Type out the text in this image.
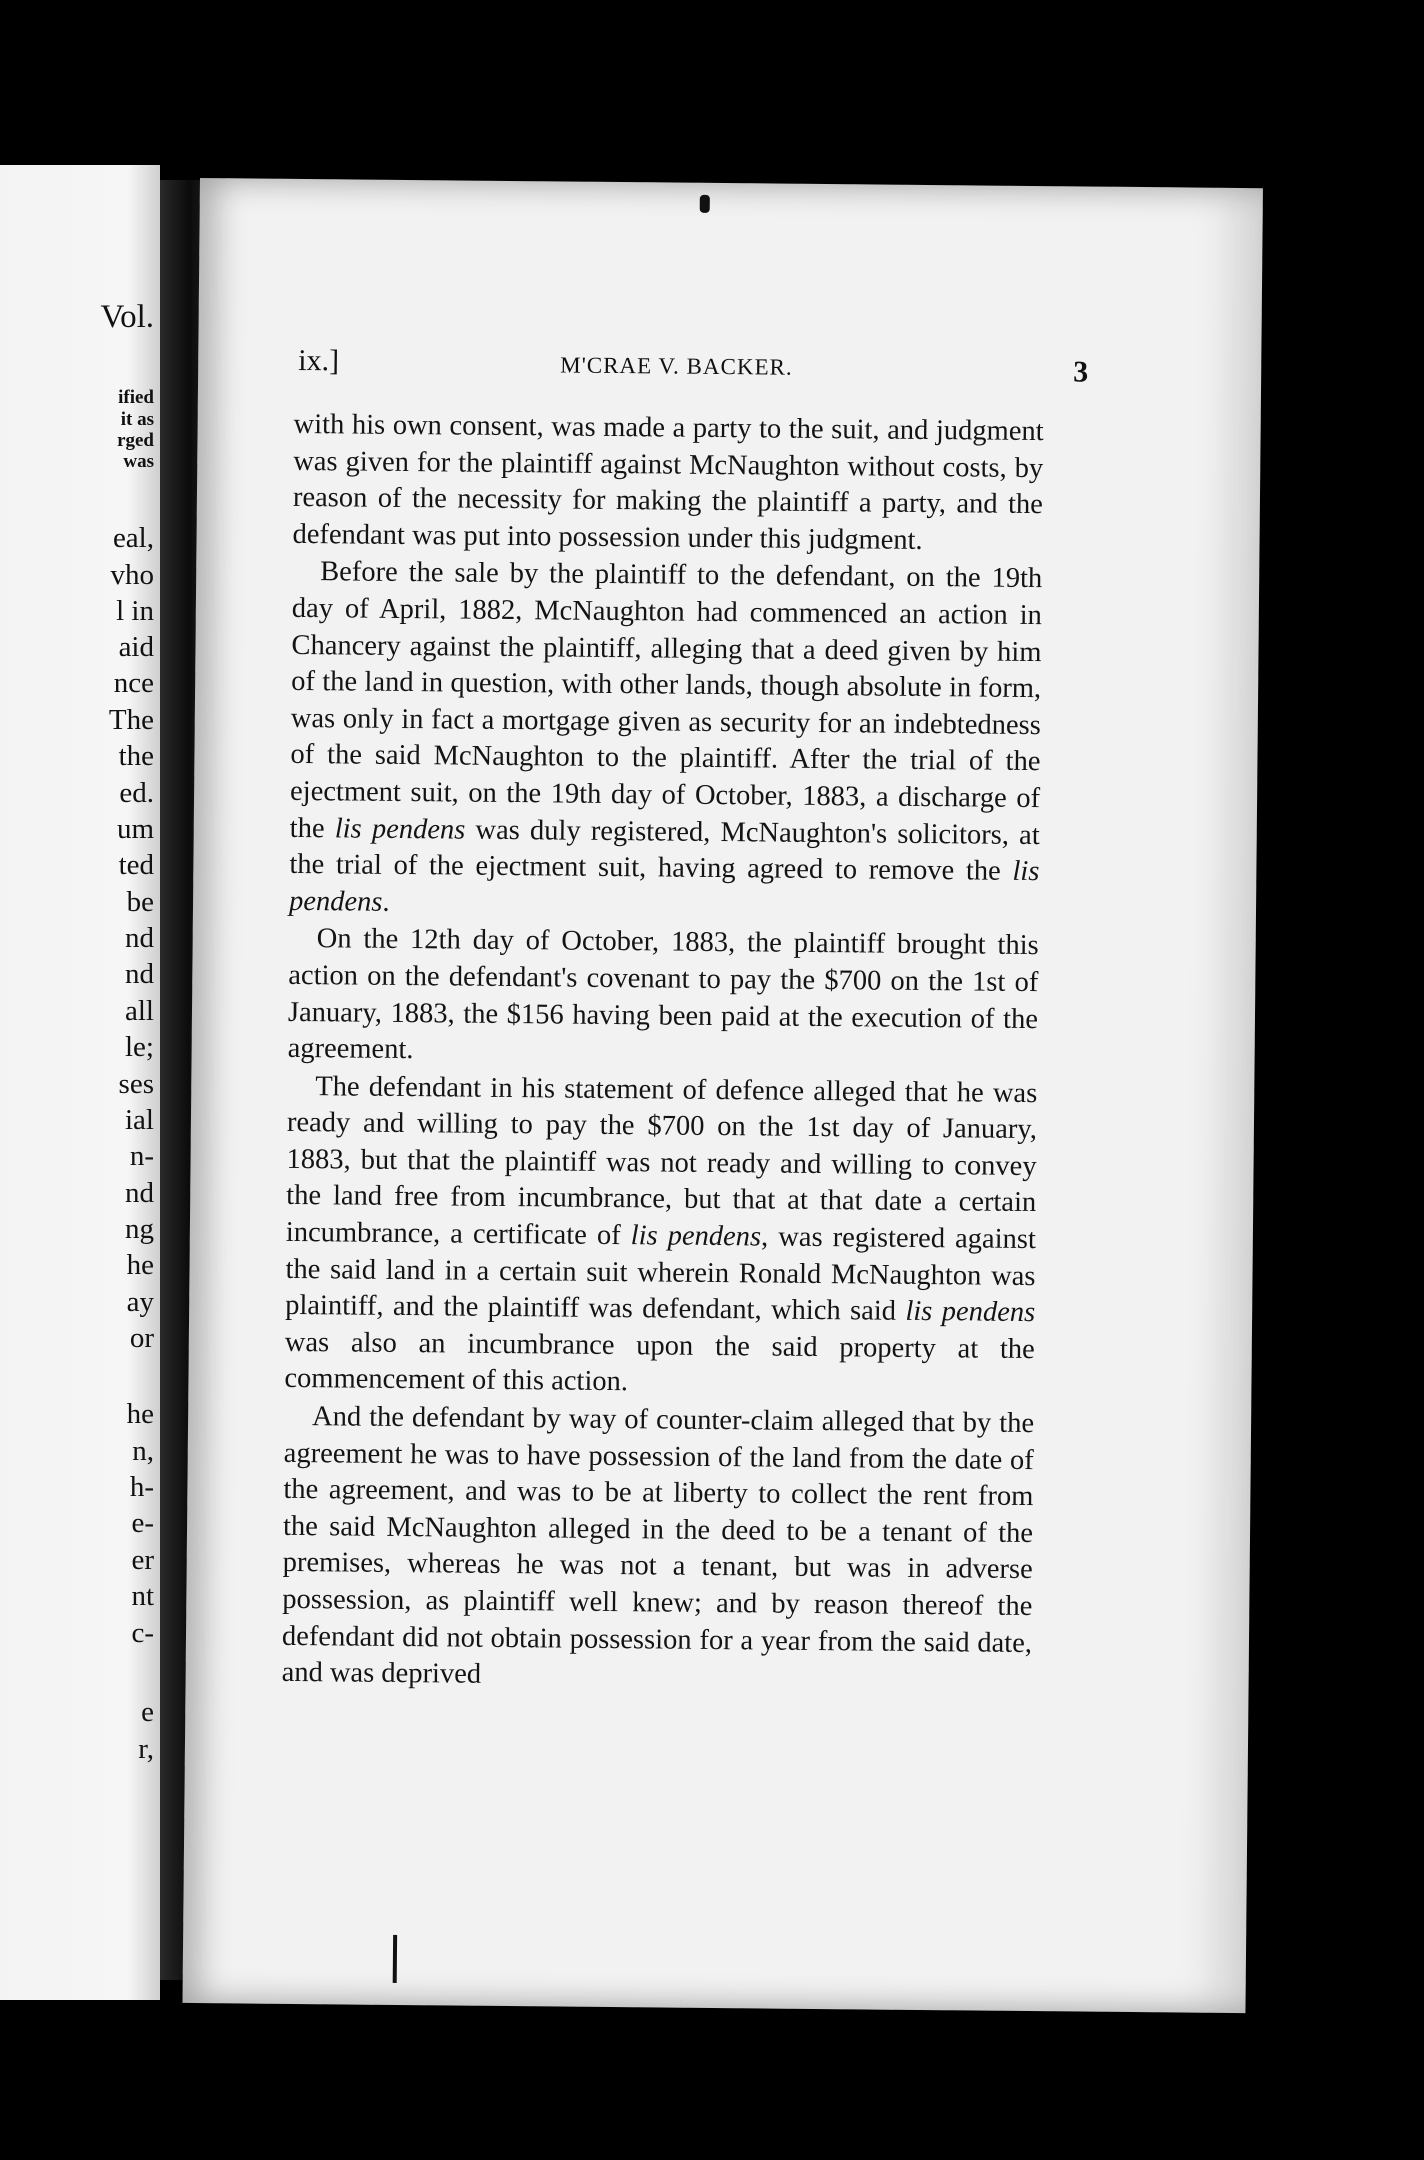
Vol.
ified
it as
rged
was
eal,
vho
l in
aid
nce
The
the
ed.
um
ted
be
nd
nd
all
le;
ses
ial
n-
nd
ng
he
ay
or
he
n,
h-
e-
er
nt
c-
e
r,
ix.]	M'CRAE V. BACKER.	3

with his own consent, was made a party to the suit, and judgment was given for the plaintiff against McNaughton without costs, by reason of the necessity for making the plaintiff a party, and the defendant was put into possession under this judgment.

Before the sale by the plaintiff to the defendant, on the 19th day of April, 1882, McNaughton had commenced an action in Chancery against the plaintiff, alleging that a deed given by him of the land in question, with other lands, though absolute in form, was only in fact a mortgage given as security for an indebtedness of the said McNaughton to the plaintiff. After the trial of the ejectment suit, on the 19th day of October, 1883, a discharge of the lis pendens was duly registered, McNaughton's solicitors, at the trial of the ejectment suit, having agreed to remove the lis pendens.

On the 12th day of October, 1883, the plaintiff brought this action on the defendant's covenant to pay the $700 on the 1st of January, 1883, the $156 having been paid at the execution of the agreement.

The defendant in his statement of defence alleged that he was ready and willing to pay the $700 on the 1st day of January, 1883, but that the plaintiff was not ready and willing to convey the land free from incumbrance, but that at that date a certain incumbrance, a certificate of lis pendens, was registered against the said land in a certain suit wherein Ronald McNaughton was plaintiff, and the plaintiff was defendant, which said lis pendens was also an incumbrance upon the said property at the commencement of this action.

And the defendant by way of counter-claim alleged that by the agreement he was to have possession of the land from the date of the agreement, and was to be at liberty to collect the rent from the said McNaughton alleged in the deed to be a tenant of the premises, whereas he was not a tenant, but was in adverse possession, as plaintiff well knew; and by reason thereof the defendant did not obtain possession for a year from the said date, and was deprived
